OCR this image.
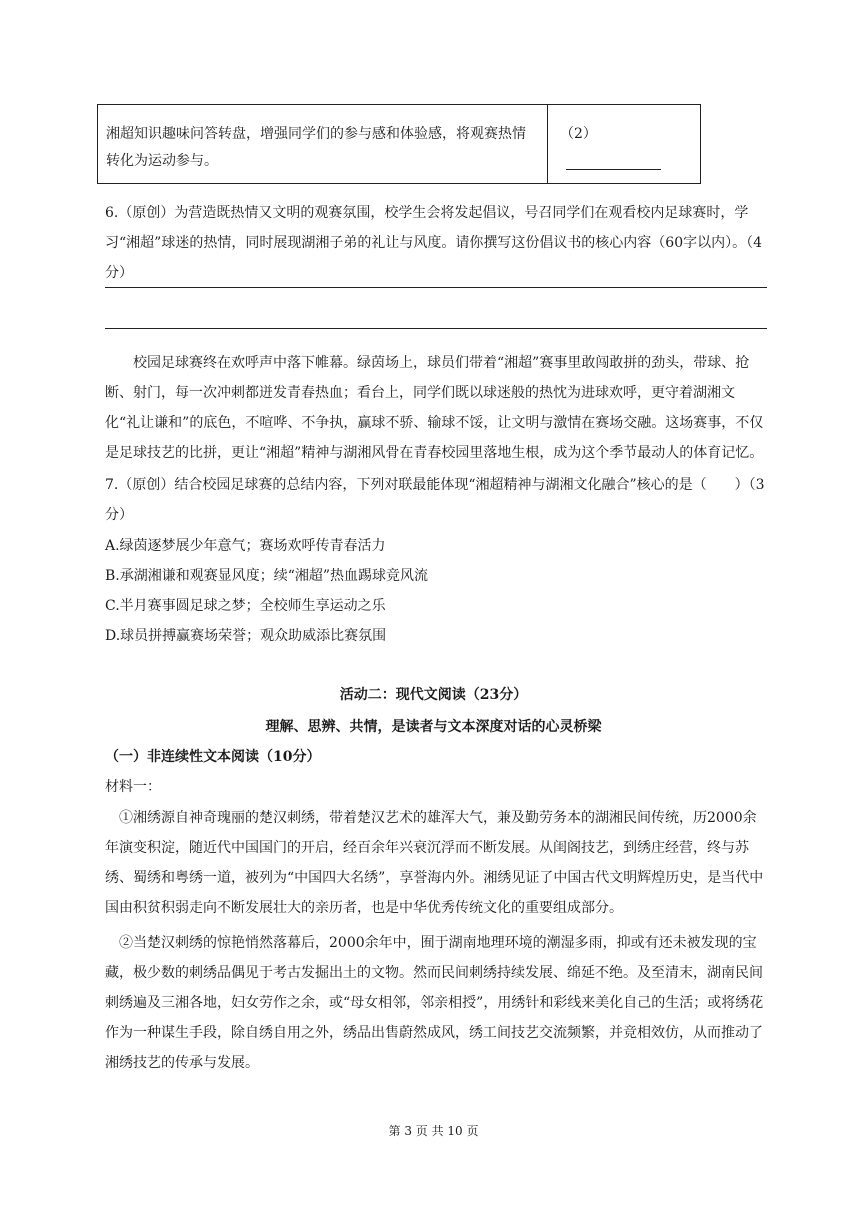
湘超知识趣味问答转盘，增强同学们的参与感和体验感，将观赛热情转化为运动参与。
（2）
6.（原创）为营造既热情又文明的观赛氛围，校学生会将发起倡议，号召同学们在观看校内足球赛时，学习“湘超”球迷的热情，同时展现湖湘子弟的礼让与风度。请你撰写这份倡议书的核心内容（60字以内）。（4分）
校园足球赛终在欢呼声中落下帷幕。绿茵场上，球员们带着“湘超”赛事里敢闯敢拼的劲头，带球、抢断、射门，每一次冲刺都迸发青春热血；看台上，同学们既以球迷般的热忱为进球欢呼，更守着湖湘文化“礼让谦和”的底色，不喧哗、不争执，赢球不骄、输球不馁，让文明与激情在赛场交融。这场赛事，不仅是足球技艺的比拼，更让“湘超”精神与湖湘风骨在青春校园里落地生根，成为这个季节最动人的体育记忆。
7.（原创）结合校园足球赛的总结内容，下列对联最能体现“湘超精神与湖湘文化融合”核心的是（　　）（3分）
A.绿茵逐梦展少年意气；赛场欢呼传青春活力
B.承湖湘谦和观赛显风度；续“湘超”热血踢球竞风流
C.半月赛事圆足球之梦；全校师生享运动之乐
D.球员拼搏赢赛场荣誉；观众助威添比赛氛围
活动二：现代文阅读（23分）
理解、思辨、共情，是读者与文本深度对话的心灵桥梁
（一）非连续性文本阅读（10分）
材料一：
①湘绣源自神奇瑰丽的楚汉刺绣，带着楚汉艺术的雄浑大气，兼及勤劳务本的湖湘民间传统，历2000余年演变积淀，随近代中国国门的开启，经百余年兴衰沉浮而不断发展。从闺阁技艺，到绣庄经营，终与苏绣、蜀绣和粤绣一道，被列为“中国四大名绣”，享誉海内外。湘绣见证了中国古代文明辉煌历史，是当代中国由积贫积弱走向不断发展壮大的亲历者，也是中华优秀传统文化的重要组成部分。
②当楚汉刺绣的惊艳悄然落幕后，2000余年中，囿于湖南地理环境的潮湿多雨，抑或有还未被发现的宝藏，极少数的刺绣品偶见于考古发掘出土的文物。然而民间刺绣持续发展、绵延不绝。及至清末，湖南民间刺绣遍及三湘各地，妇女劳作之余，或“母女相邻，邻亲相授”，用绣针和彩线来美化自己的生活；或将绣花作为一种谋生手段，除自绣自用之外，绣品出售蔚然成风，绣工间技艺交流频繁，并竞相效仿，从而推动了湘绣技艺的传承与发展。
第 3 页 共 10 页
